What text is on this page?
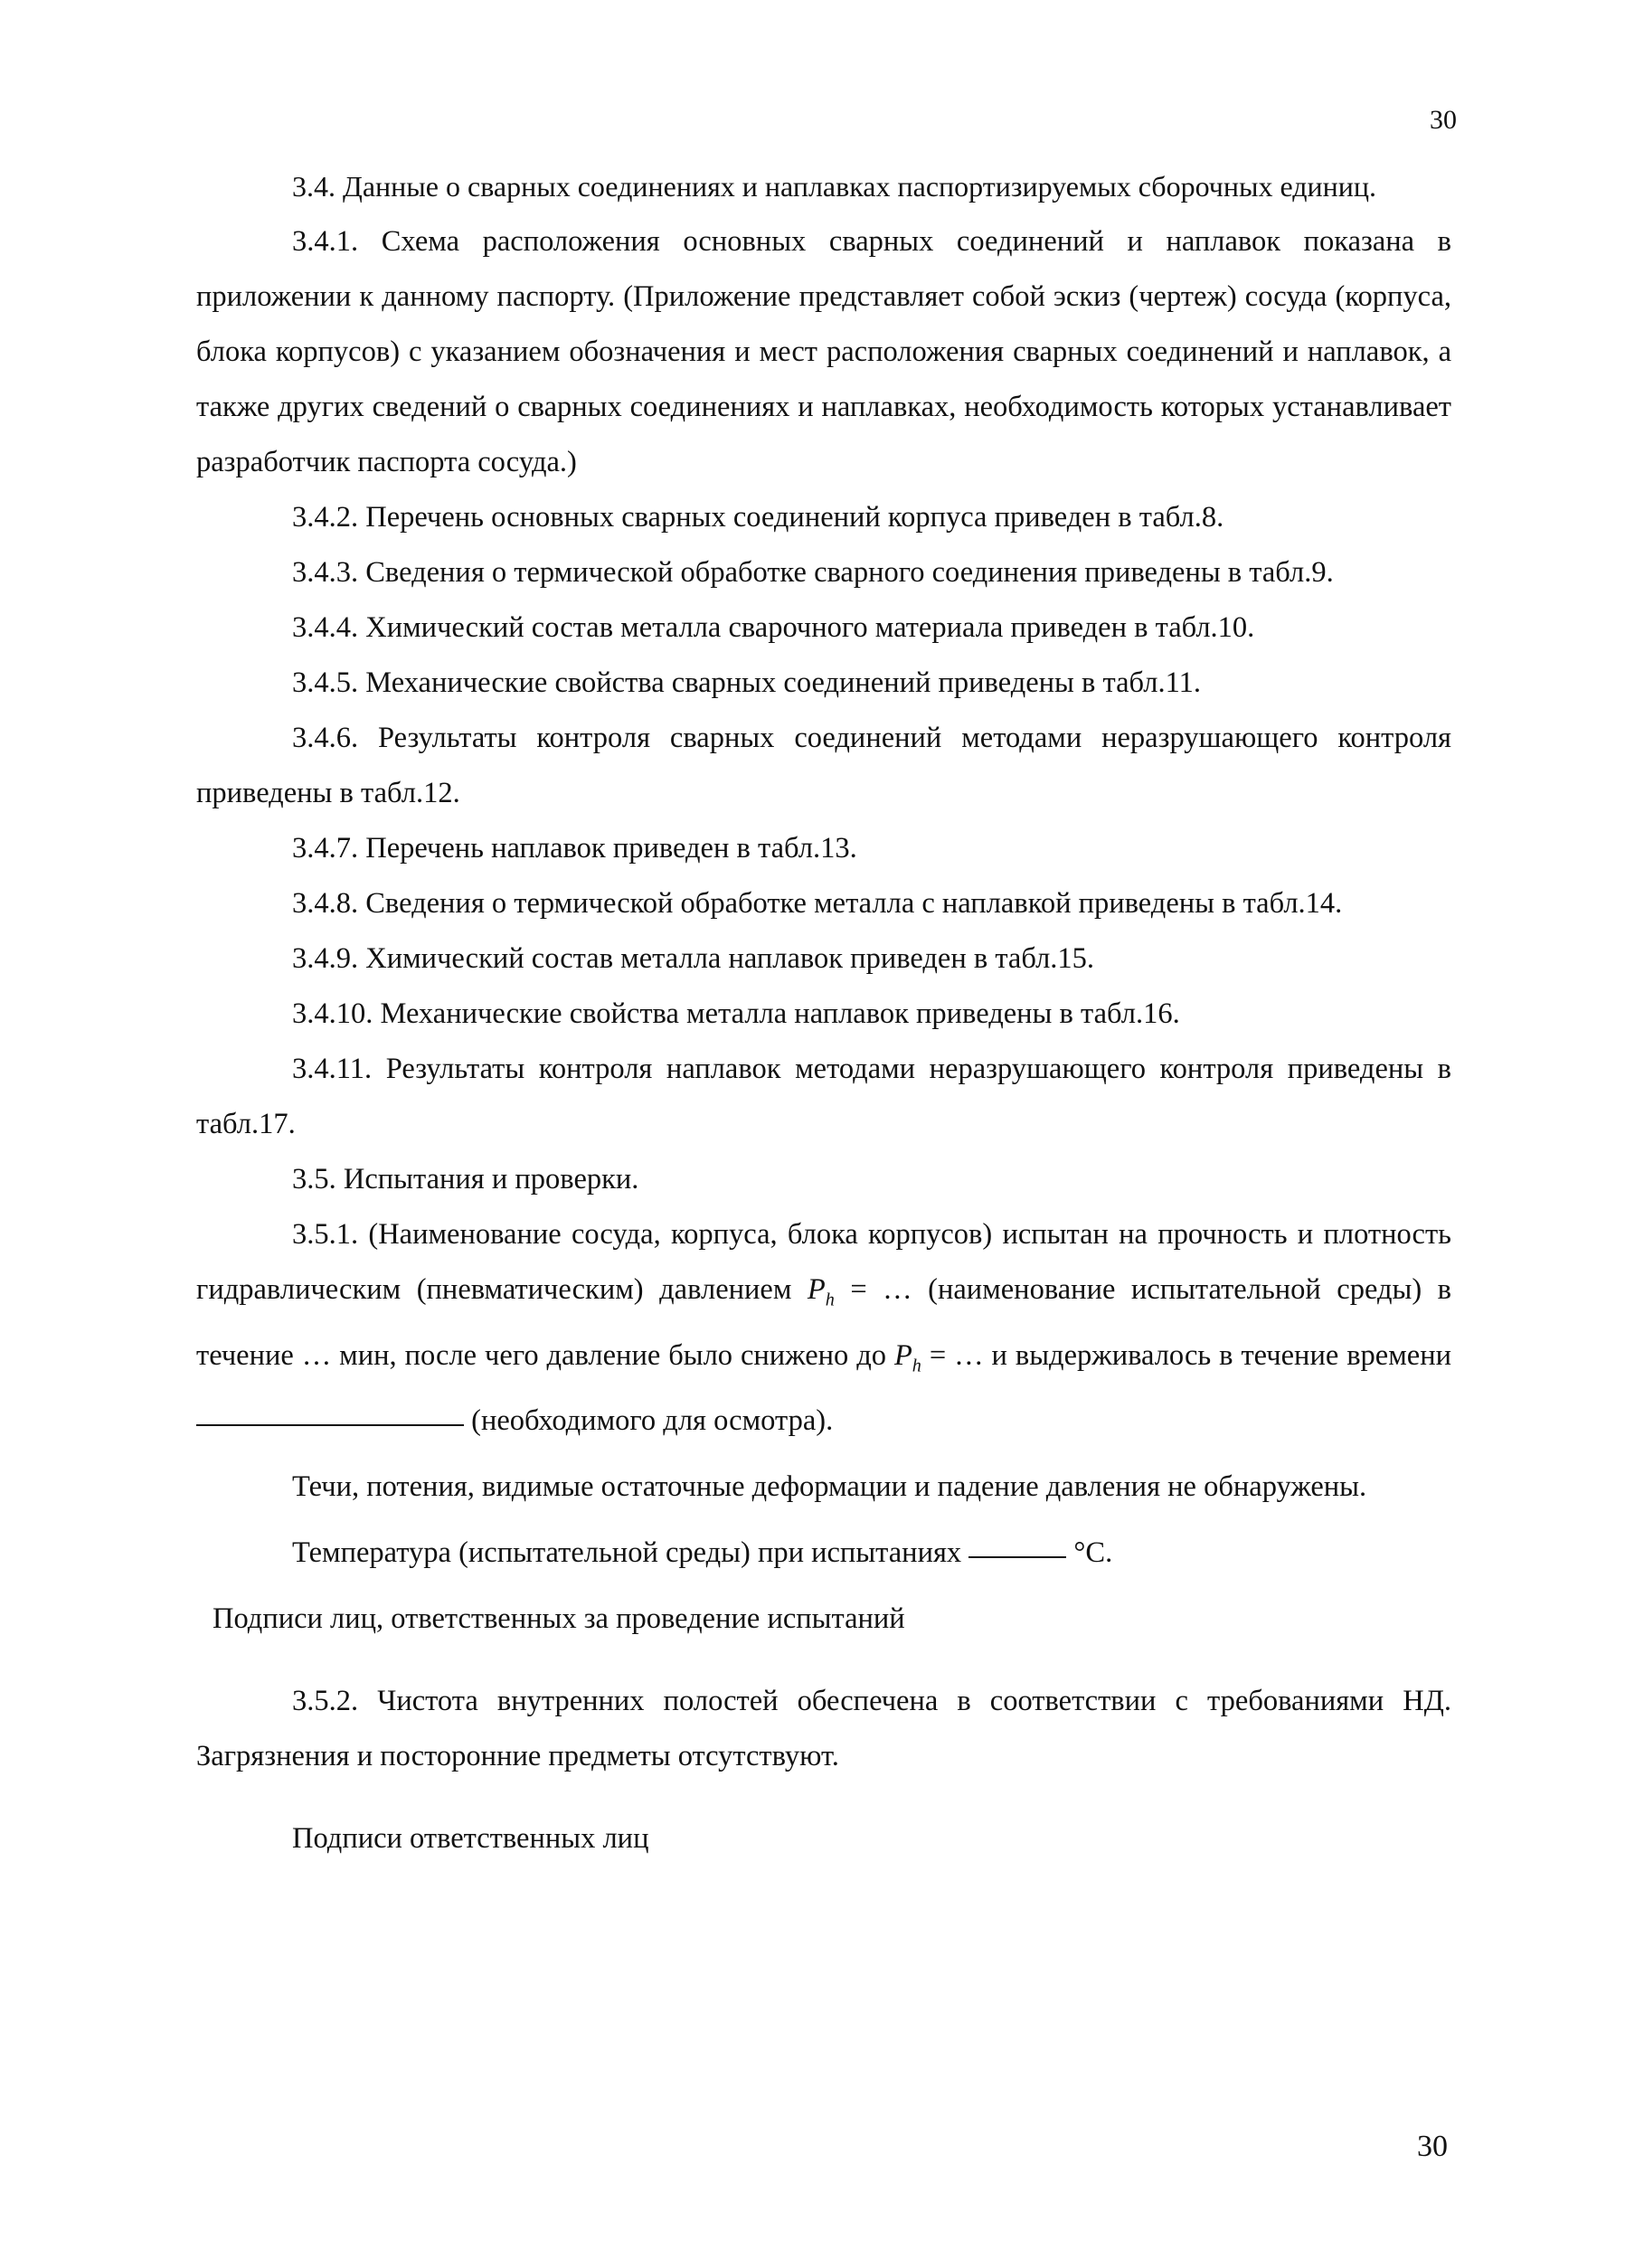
30

3.4. Данные о сварных соединениях и наплавках паспортизируемых сборочных единиц.

3.4.1. Схема расположения основных сварных соединений и наплавок показана в приложении к данному паспорту. (Приложение представляет собой эскиз (чертеж) сосуда (корпуса, блока корпусов) с указанием обозначения и мест расположения сварных соединений и наплавок, а также других сведений о сварных соединениях и наплавках, необходимость которых устанавливает разработчик паспорта сосуда.)

3.4.2. Перечень основных сварных соединений корпуса приведен в табл.8.

3.4.3. Сведения о термической обработке сварного соединения приведены в табл.9.

3.4.4. Химический состав металла сварочного материала приведен в табл.10.

3.4.5. Механические свойства сварных соединений приведены в табл.11.

3.4.6. Результаты контроля сварных соединений методами неразрушающего контроля приведены в табл.12.

3.4.7. Перечень наплавок приведен в табл.13.

3.4.8. Сведения о термической обработке металла с наплавкой приведены в табл.14.

3.4.9. Химический состав металла наплавок приведен в табл.15.

3.4.10. Механические свойства металла наплавок приведены в табл.16.

3.4.11. Результаты контроля наплавок методами неразрушающего контроля приведены в табл.17.

3.5. Испытания и проверки.

3.5.1. (Наименование сосуда, корпуса, блока корпусов) испытан на прочность и плотность гидравлическим (пневматическим) давлением $P_h$ = … (наименование испытательной среды) в течение … мин, после чего давление было снижено до $P_h$ = … и выдерживалось в течение времени  (необходимого для осмотра).

Течи, потения, видимые остаточные деформации и падение давления не обнаружены.

Температура (испытательной среды) при испытаниях	°С.

Подписи лиц, ответственных за проведение испытаний

3.5.2. Чистота внутренних полостей обеспечена в соответствии с требованиями НД. Загрязнения и посторонние предметы отсутствуют.

Подписи ответственных лиц

30
